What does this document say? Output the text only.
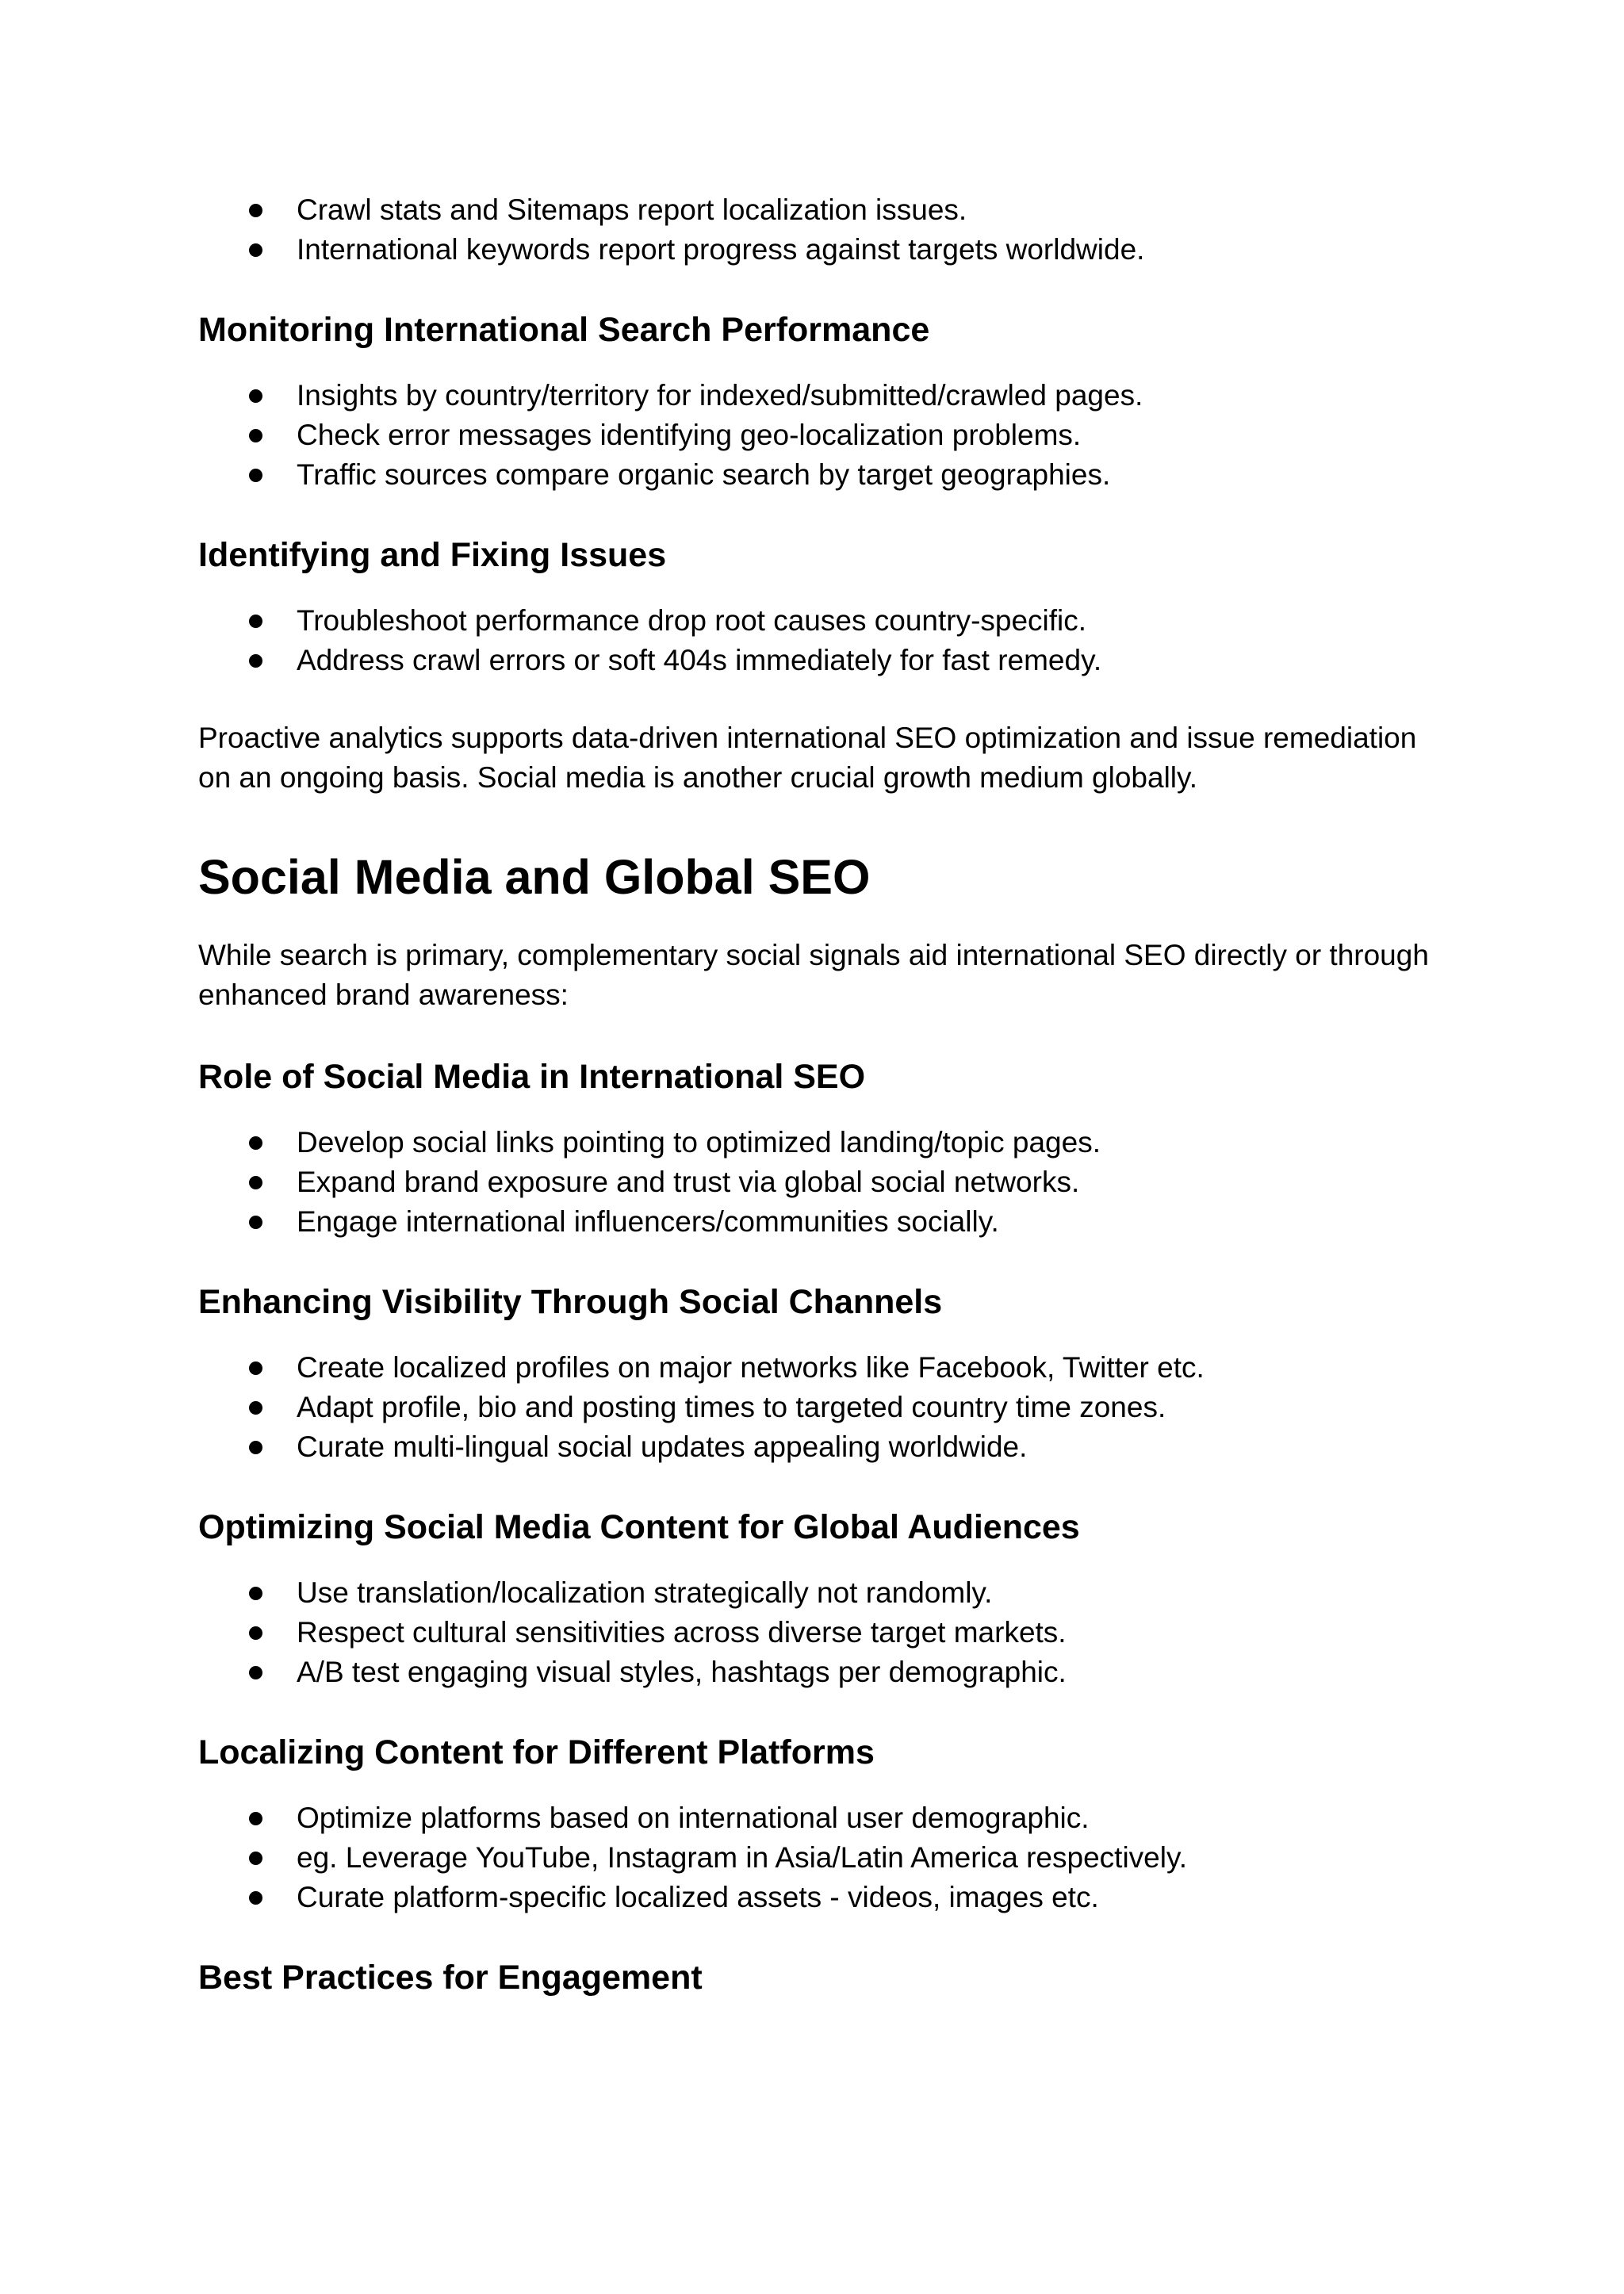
Crawl stats and Sitemaps report localization issues.
International keywords report progress against targets worldwide.
Monitoring International Search Performance
Insights by country/territory for indexed/submitted/crawled pages.
Check error messages identifying geo-localization problems.
Traffic sources compare organic search by target geographies.
Identifying and Fixing Issues
Troubleshoot performance drop root causes country-specific.
Address crawl errors or soft 404s immediately for fast remedy.

Proactive analytics supports data-driven international SEO optimization and issue remediation on an ongoing basis. Social media is another crucial growth medium globally.

Social Media and Global SEO

While search is primary, complementary social signals aid international SEO directly or through enhanced brand awareness:

Role of Social Media in International SEO
Develop social links pointing to optimized landing/topic pages.
Expand brand exposure and trust via global social networks.
Engage international influencers/communities socially.
Enhancing Visibility Through Social Channels
Create localized profiles on major networks like Facebook, Twitter etc.
Adapt profile, bio and posting times to targeted country time zones.
Curate multi-lingual social updates appealing worldwide.
Optimizing Social Media Content for Global Audiences
Use translation/localization strategically not randomly.
Respect cultural sensitivities across diverse target markets.
A/B test engaging visual styles, hashtags per demographic.
Localizing Content for Different Platforms
Optimize platforms based on international user demographic.
eg. Leverage YouTube, Instagram in Asia/Latin America respectively.
Curate platform-specific localized assets - videos, images etc.
Best Practices for Engagement
